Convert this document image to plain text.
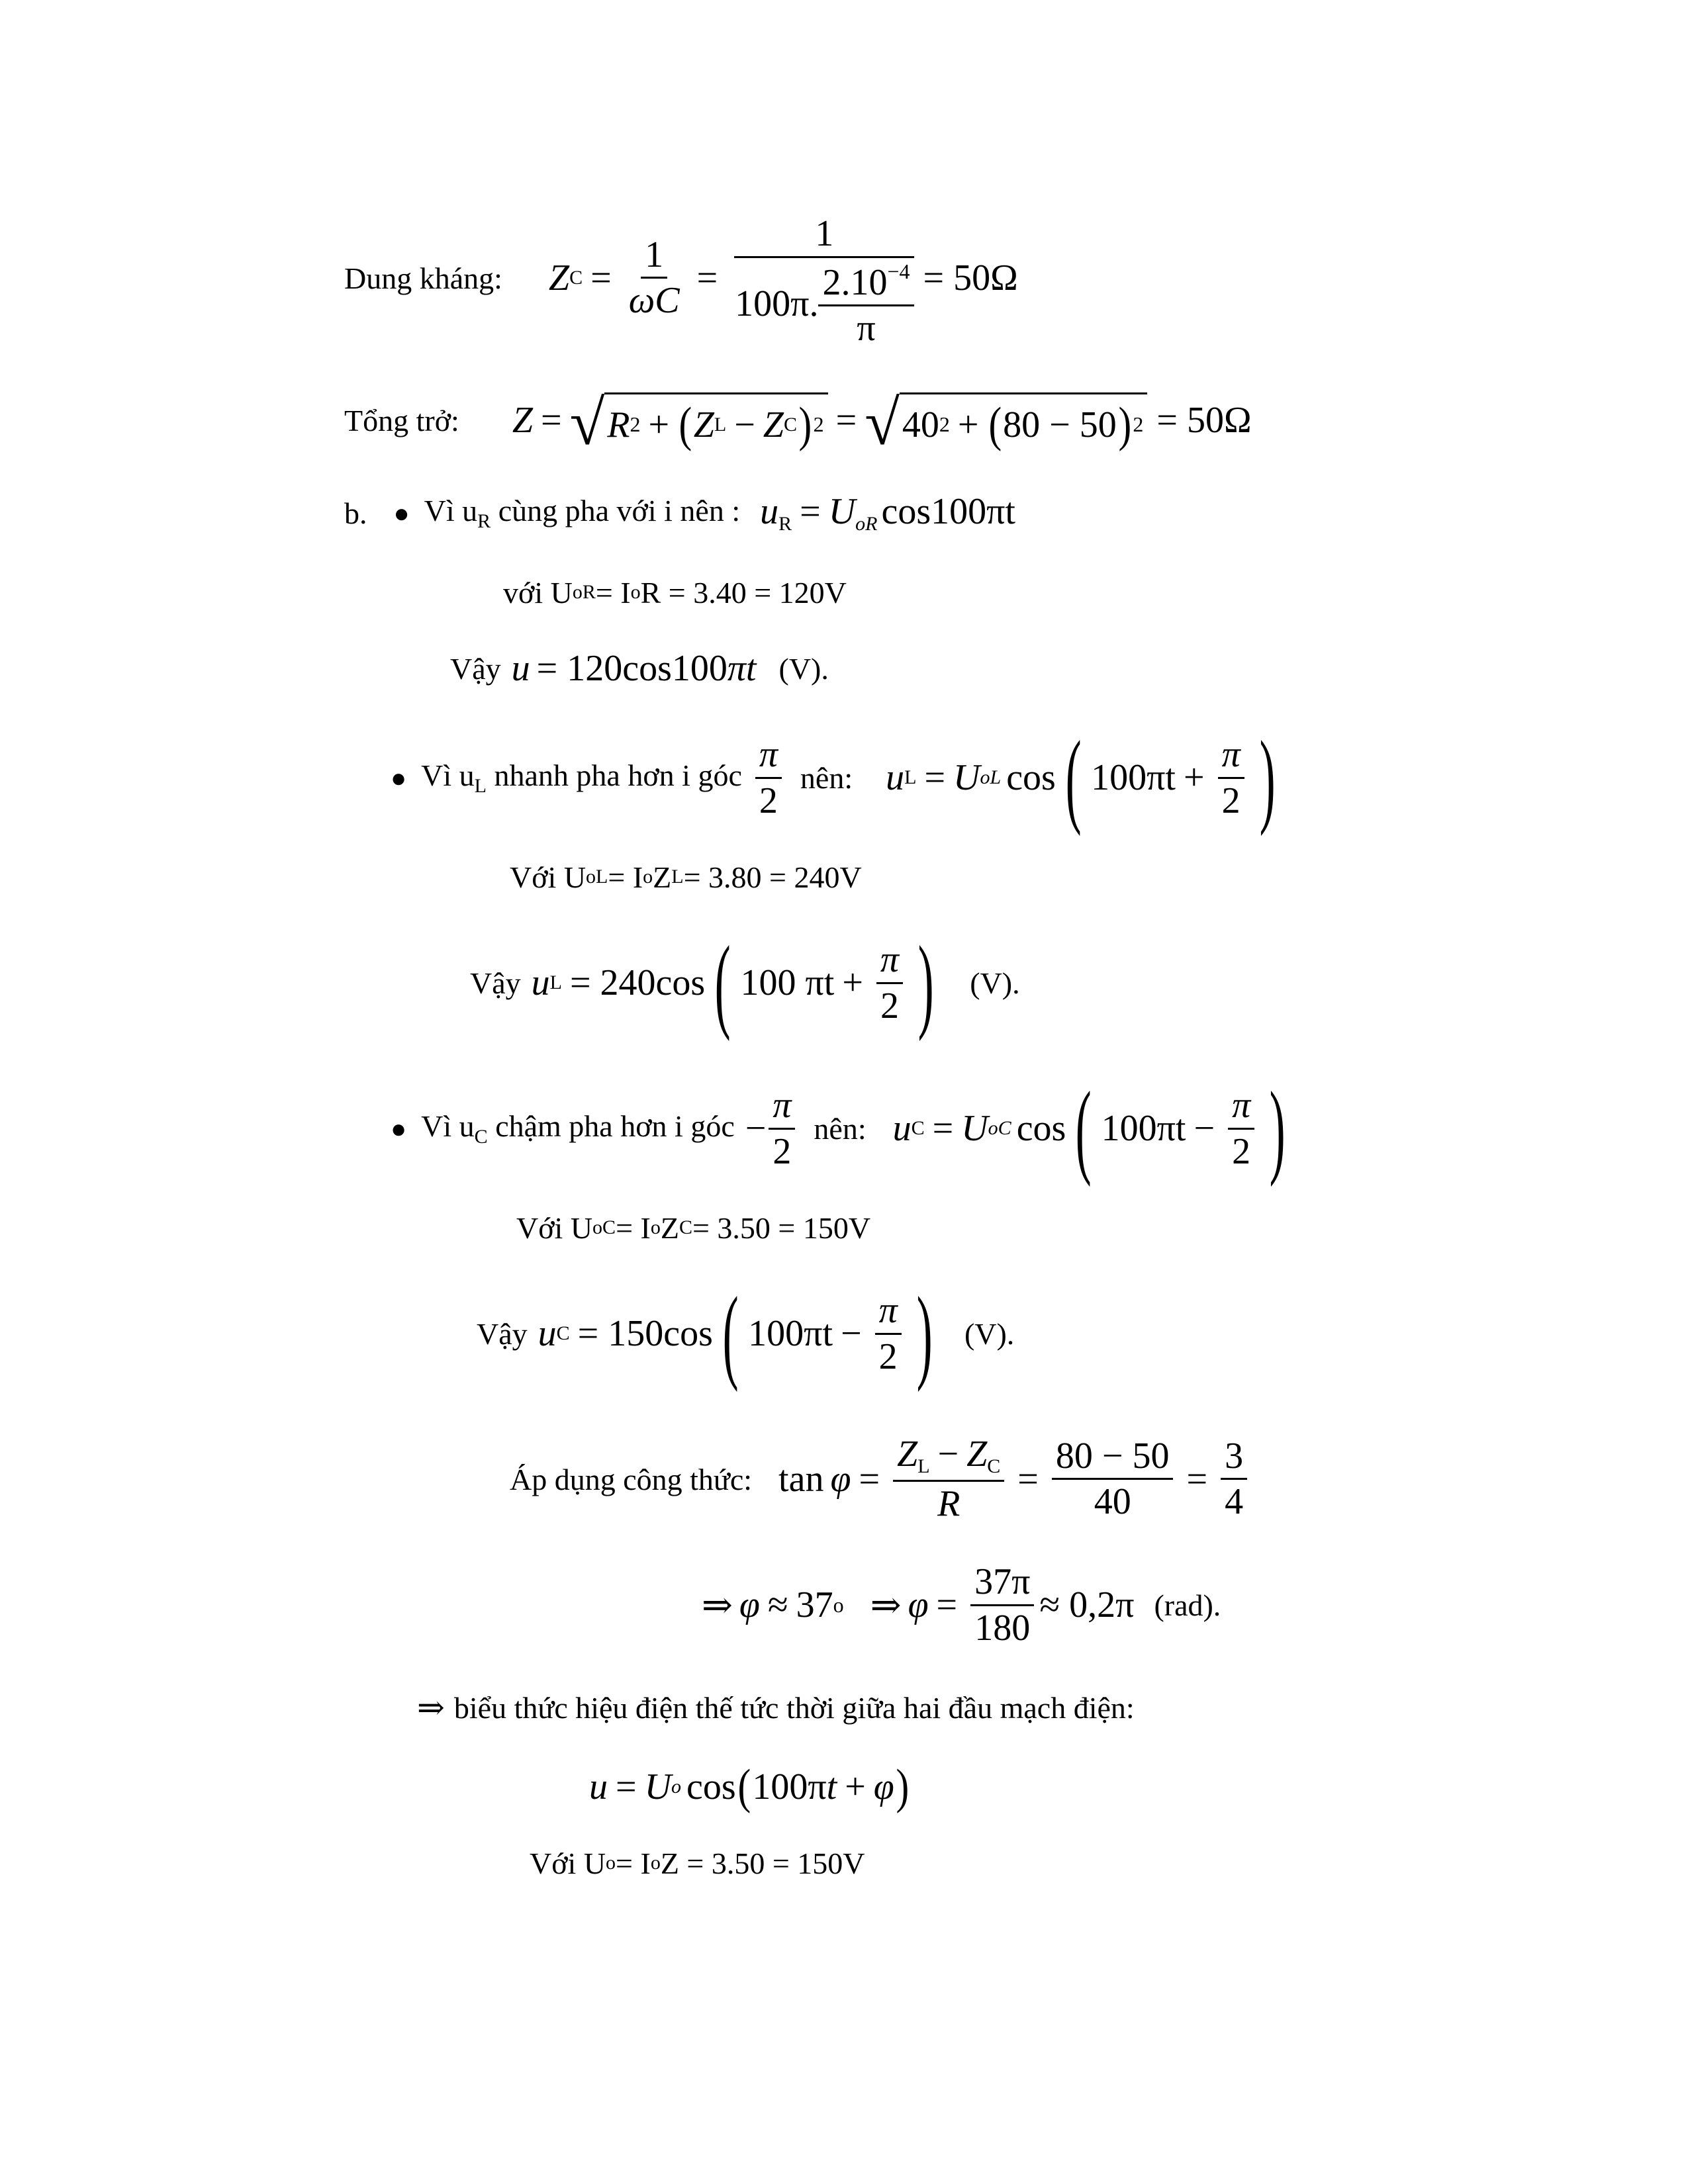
Dung kháng: Z $C = \frac{1}{\omega C} = \frac{1}{100\pi. \frac{2.10^{-4}}{\pi}} = 50\Omega$
Tổng trở: Z = √ R 2 + ( Z L − Z C ) 2 = √ 40 2 + ( 80 − 50 ) 2 = 50Ω
b. ● Vì $u_R$ cùng pha với i nên : $u_R = U_{oR}$ cos100πt
với U oR = I o R = 3.40 = 120V
Vậy u = 120cos100πt (V).
● Vì $u_L$ nhanh pha hơn i góc $\frac{\pi}{2}$ nên: u L = U oL cos ( $100\pi t + \frac{\pi}{2}$ )
Với U oL = I o Z L = 3.80 = 240V
Vậy u L = 240cos ( 100 $\pi t + \frac{\pi}{2}$ ) (V).
● Vì $u_C$ chậm pha hơn i góc − $\frac{\pi}{2}$ nên: u C = U oC cos ( $100\pi t - \frac{\pi}{2}$ )
Với U oC = I o Z C = 3.50 = 150V
Vậy u C = 150cos ( $100\pi t - \frac{\pi}{2}$ ) (V).
Áp dụng công thức: $\tan \varphi = \frac{Z_L - Z_C}{R} = \frac{80 - 50}{40} = \frac{3}{4}$
⇒ φ ≈ 37 o ⇒ $\varphi = \frac{37\pi}{180} \approx 0,2\pi$ (rad).
⇒ biểu thức hiệu điện thế tức thời giữa hai đầu mạch điện:
u = U o cos ( 100π t + φ )
Với U o = I o Z = 3.50 = 150V
